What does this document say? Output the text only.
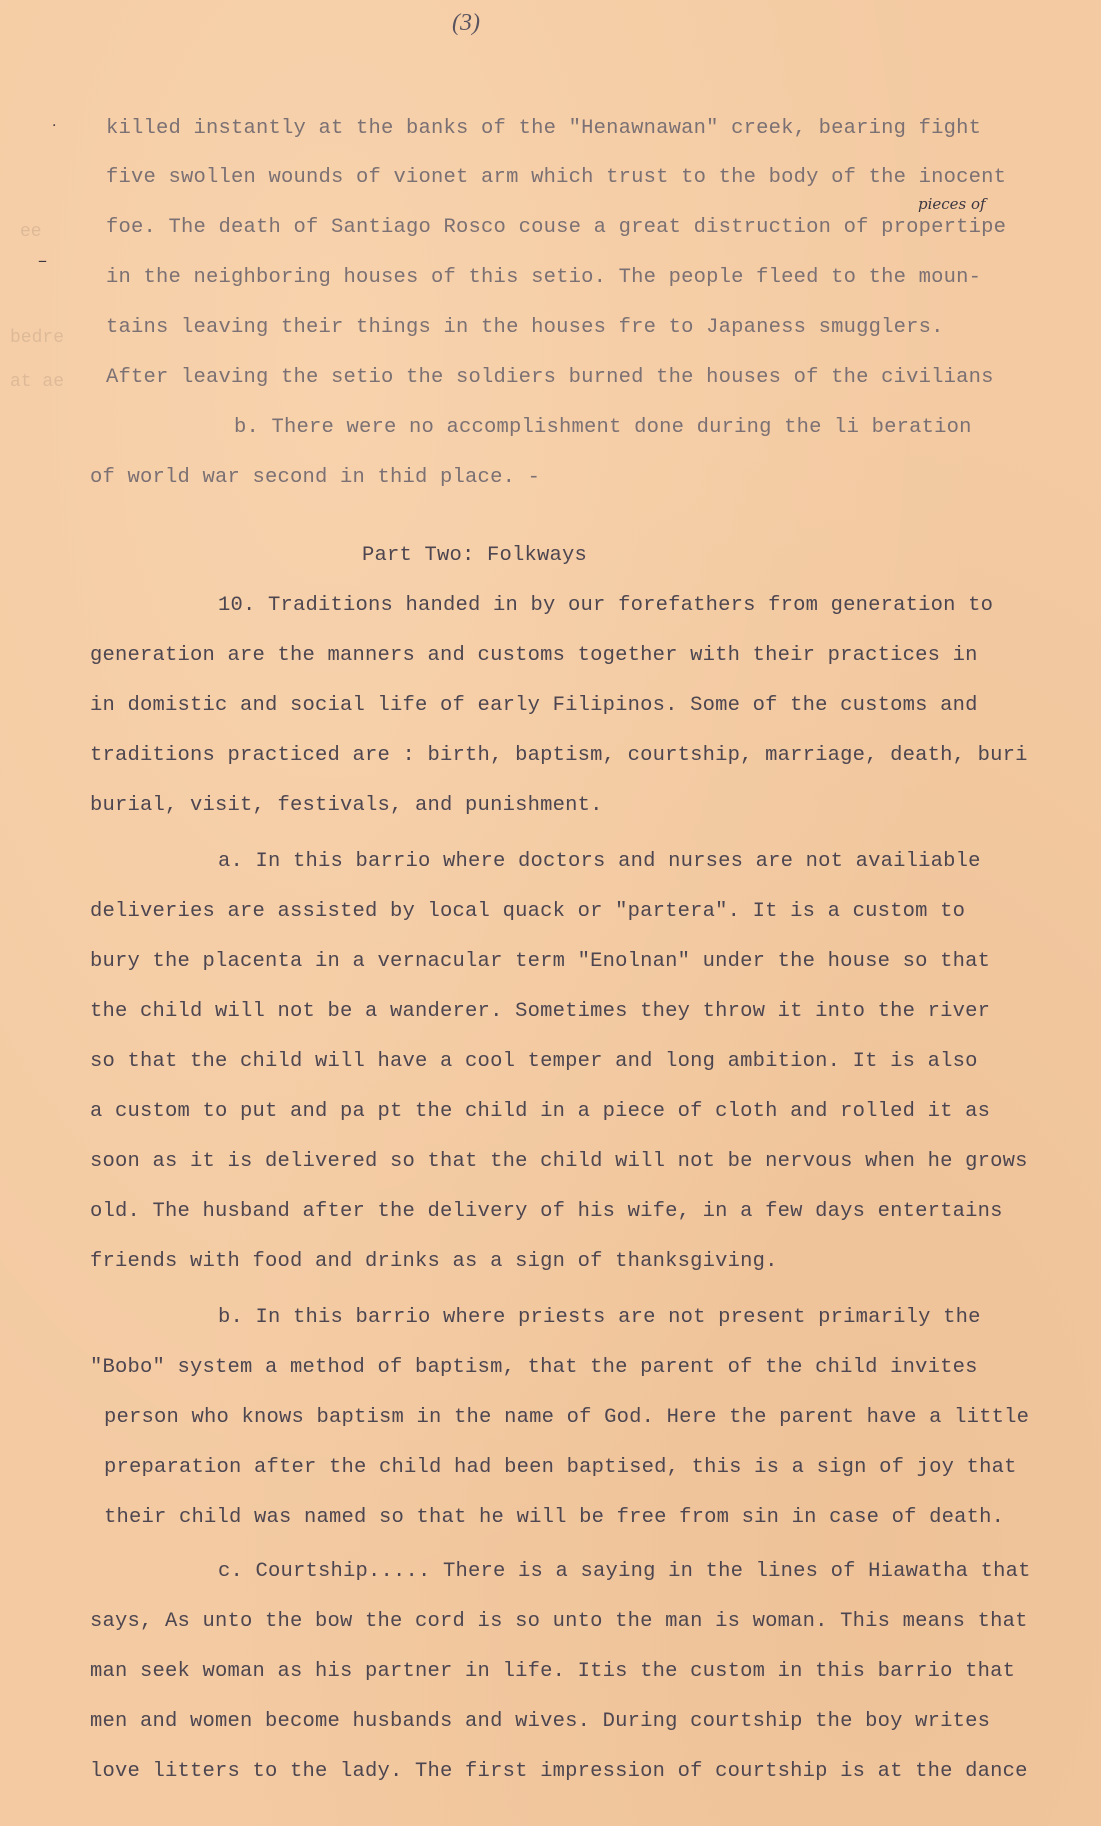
ee
bedre
at ae
(3)
·
–
killed instantly at the banks of the "Henawnawan" creek, bearing fight
five swollen wounds of vionet arm which trust to the body of the inocent
foe. The death of Santiago Rosco couse a great distruction of propertipe
pieces of
in the neighboring houses of this setio. The people fleed to the moun-
tains leaving their things in the houses fre to Japaness smugglers.
After leaving the setio the soldiers burned the houses of the civilians
b. There were no accomplishment done during the li beration
of world war second in thid place. -
Part Two: Folkways
10. Traditions handed in by our forefathers from generation to
generation are the manners and customs together with their practices in
in domistic and social life of early Filipinos. Some of the customs and
traditions practiced are : birth, baptism, courtship, marriage, death, buri
burial, visit, festivals, and punishment.
a. In this barrio where doctors and nurses are not availiable
deliveries are assisted by local quack or "partera". It is a custom to
bury the placenta in a vernacular term "Enolnan" under the house so that
the child will not be a wanderer. Sometimes they throw it into the river
so that the child will have a cool temper and long ambition. It is also
a custom to put and pa pt the child in a piece of cloth and rolled it as
soon as it is delivered so that the child will not be nervous when he grows
old. The husband after the delivery of his wife, in a few days entertains
friends with food and drinks as a sign of thanksgiving.
b. In this barrio where priests are not present primarily the
"Bobo" system a method of baptism, that the parent of the child invites
person who knows baptism in the name of God. Here the parent have a little
preparation after the child had been baptised, this is a sign of joy that
their child was named so that he will be free from sin in case of death.
c. Courtship..... There is a saying in the lines of Hiawatha that
says, As unto the bow the cord is so unto the man is woman. This means that
man seek woman as his partner in life. Itis the custom in this barrio that
men and women become husbands and wives. During courtship the boy writes
love litters to the lady. The first impression of courtship is at the dance
